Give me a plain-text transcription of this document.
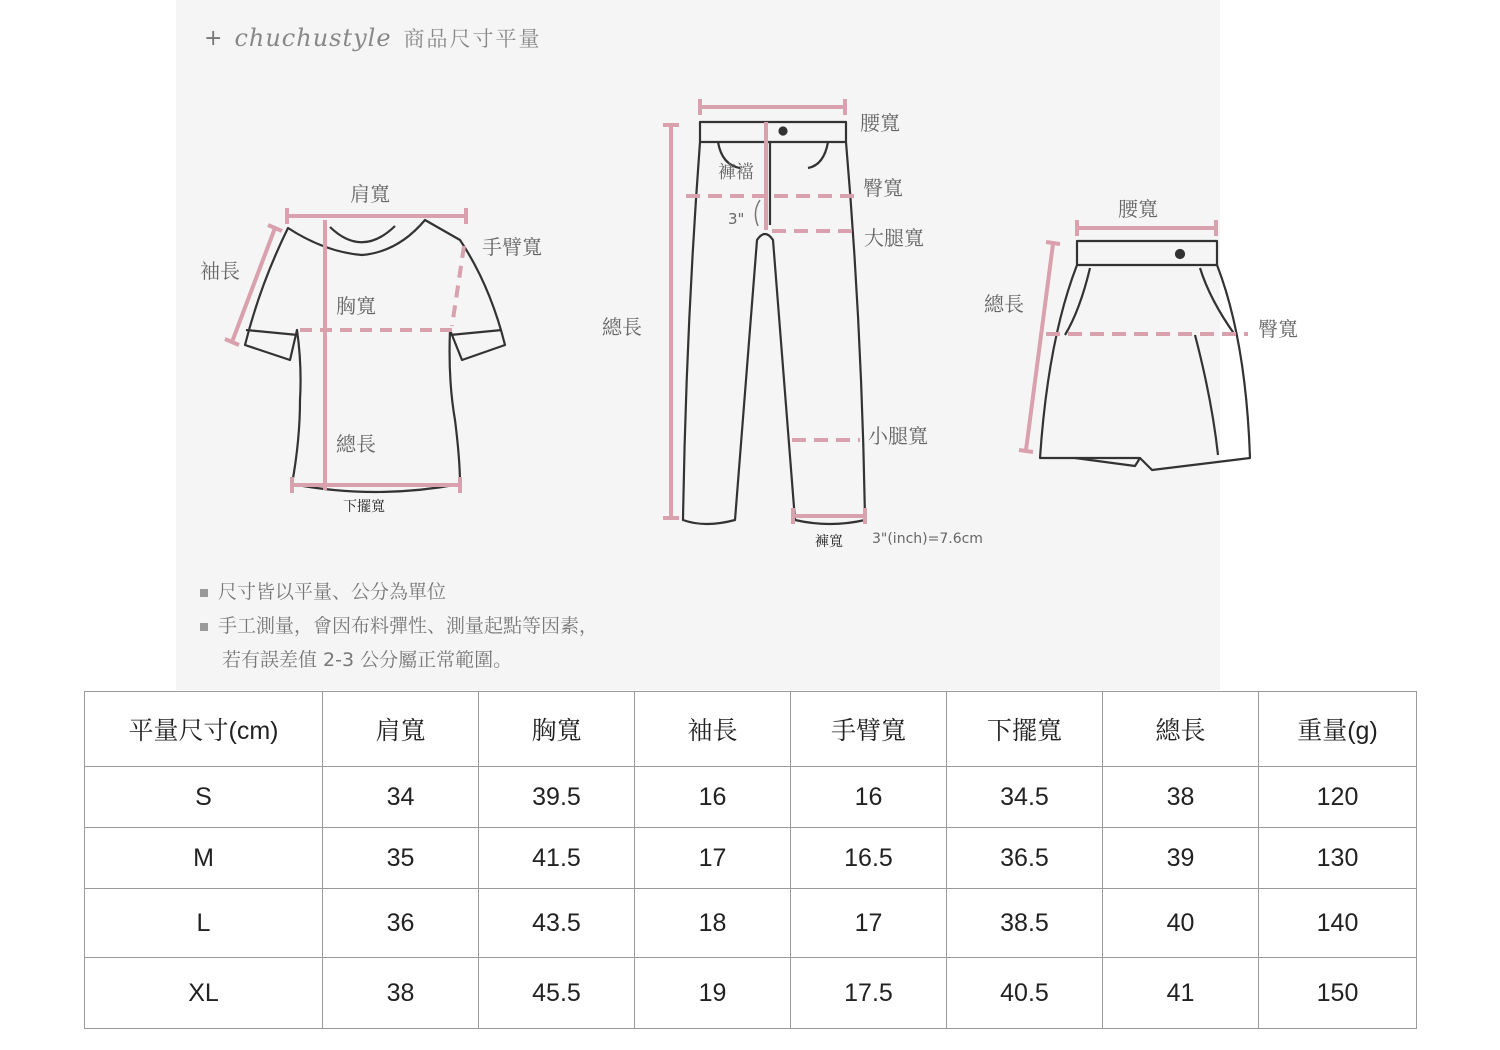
+ chuchustyle 商品尺寸平量
肩寬
袖長
手臂寬
胸寬
總長
下擺寬
腰寬
褲襠
3"
臀寬
大腿寬
總長
小腿寬
褲寬 3"(inch)=7.6cm
腰寬
總長
臀寬
尺寸皆以平量、公分為單位
手工測量，會因布料彈性、測量起點等因素，
若有誤差值 2-3 公分屬正常範圍。
平量尺寸(cm)	肩寬	胸寬	袖長	手臂寬	下擺寬	總長	重量(g)
S	34	39.5	16	16	34.5	38	120
M	35	41.5	17	16.5	36.5	39	130
L	36	43.5	18	17	38.5	40	140
XL	38	45.5	19	17.5	40.5	41	150
